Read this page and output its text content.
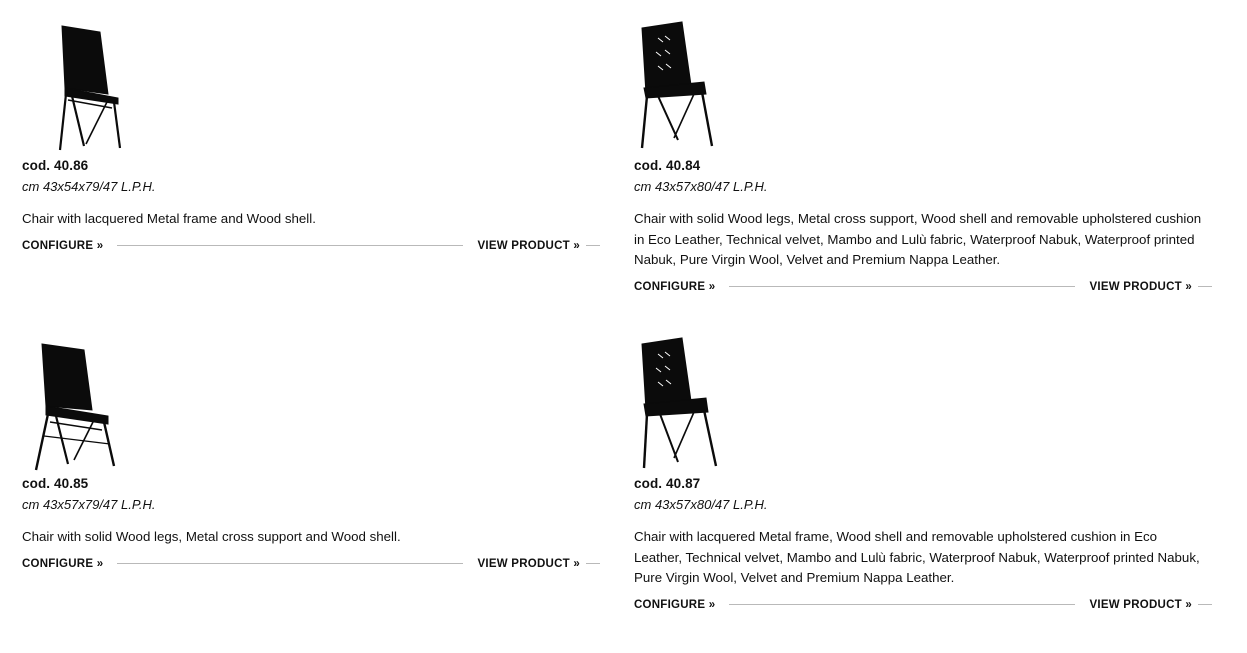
cod. 40.86
cm 43x54x79/47 L.P.H.
Chair with lacquered Metal frame and Wood shell.
CONFIGURE »	VIEW PRODUCT »
cod. 40.84
cm 43x57x80/47 L.P.H.
Chair with solid Wood legs, Metal cross support, Wood shell and removable upholstered cushion in Eco Leather, Technical velvet, Mambo and Lulù fabric, Waterproof Nabuk, Waterproof printed Nabuk, Pure Virgin Wool, Velvet and Premium Nappa Leather.
CONFIGURE »	VIEW PRODUCT »
cod. 40.85
cm 43x57x79/47 L.P.H.
Chair with solid Wood legs, Metal cross support and Wood shell.
CONFIGURE »	VIEW PRODUCT »
cod. 40.87
cm 43x57x80/47 L.P.H.
Chair with lacquered Metal frame, Wood shell and removable upholstered cushion in Eco Leather, Technical velvet, Mambo and Lulù fabric, Waterproof Nabuk, Waterproof printed Nabuk, Pure Virgin Wool, Velvet and Premium Nappa Leather.
CONFIGURE »	VIEW PRODUCT »
